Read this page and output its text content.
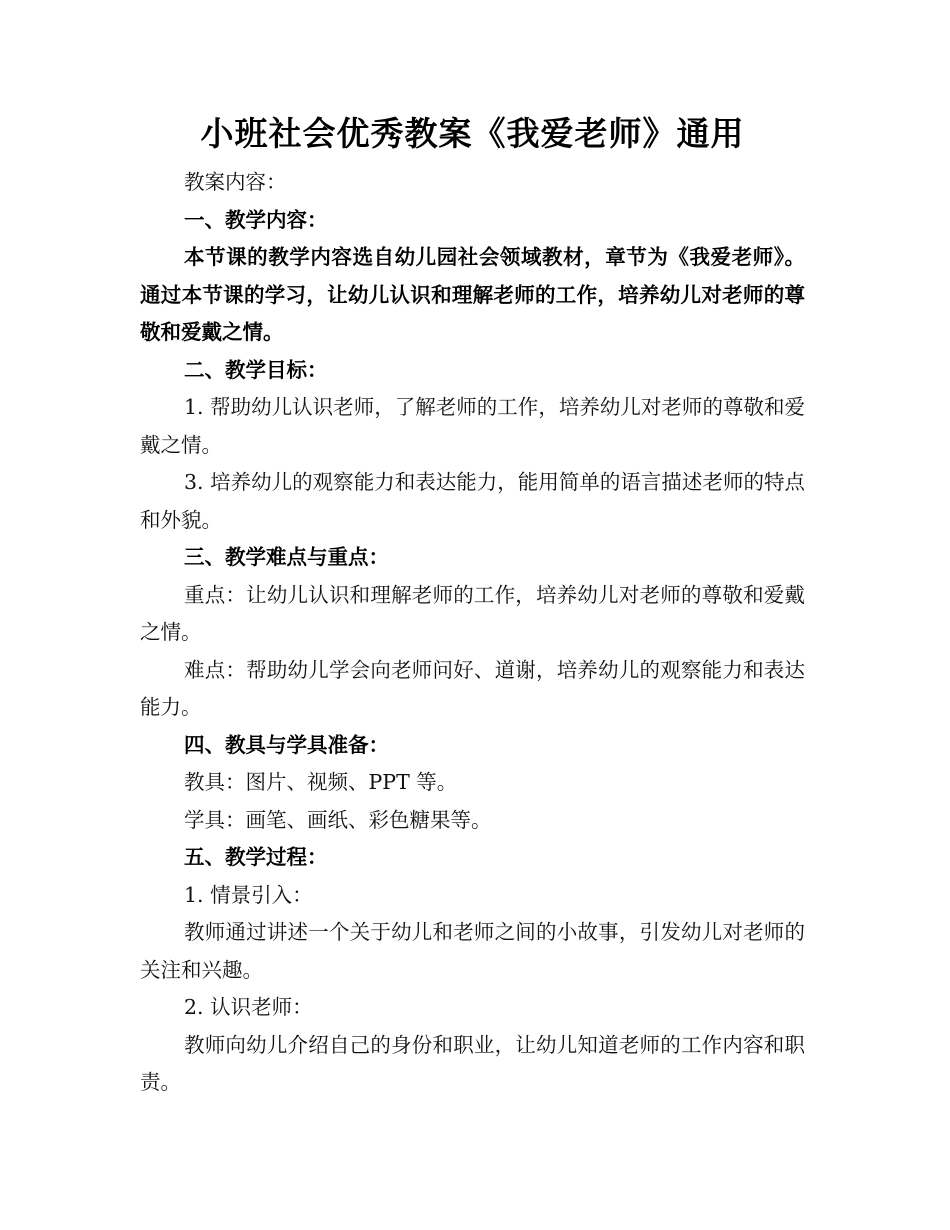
小班社会优秀教案《我爱老师》通用

教案内容：

一、教学内容：

本节课的教学内容选自幼儿园社会领域教材，章节为《我爱老师》。通过本节课的学习，让幼儿认识和理解老师的工作，培养幼儿对老师的尊敬和爱戴之情。

二、教学目标：

1. 帮助幼儿认识老师，了解老师的工作，培养幼儿对老师的尊敬和爱戴之情。

3. 培养幼儿的观察能力和表达能力，能用简单的语言描述老师的特点和外貌。

三、教学难点与重点：

重点：让幼儿认识和理解老师的工作，培养幼儿对老师的尊敬和爱戴之情。

难点：帮助幼儿学会向老师问好、道谢，培养幼儿的观察能力和表达能力。

四、教具与学具准备：

教具：图片、视频、PPT 等。

学具：画笔、画纸、彩色糖果等。

五、教学过程：

1. 情景引入：

教师通过讲述一个关于幼儿和老师之间的小故事，引发幼儿对老师的关注和兴趣。

2. 认识老师：

教师向幼儿介绍自己的身份和职业，让幼儿知道老师的工作内容和职责。
